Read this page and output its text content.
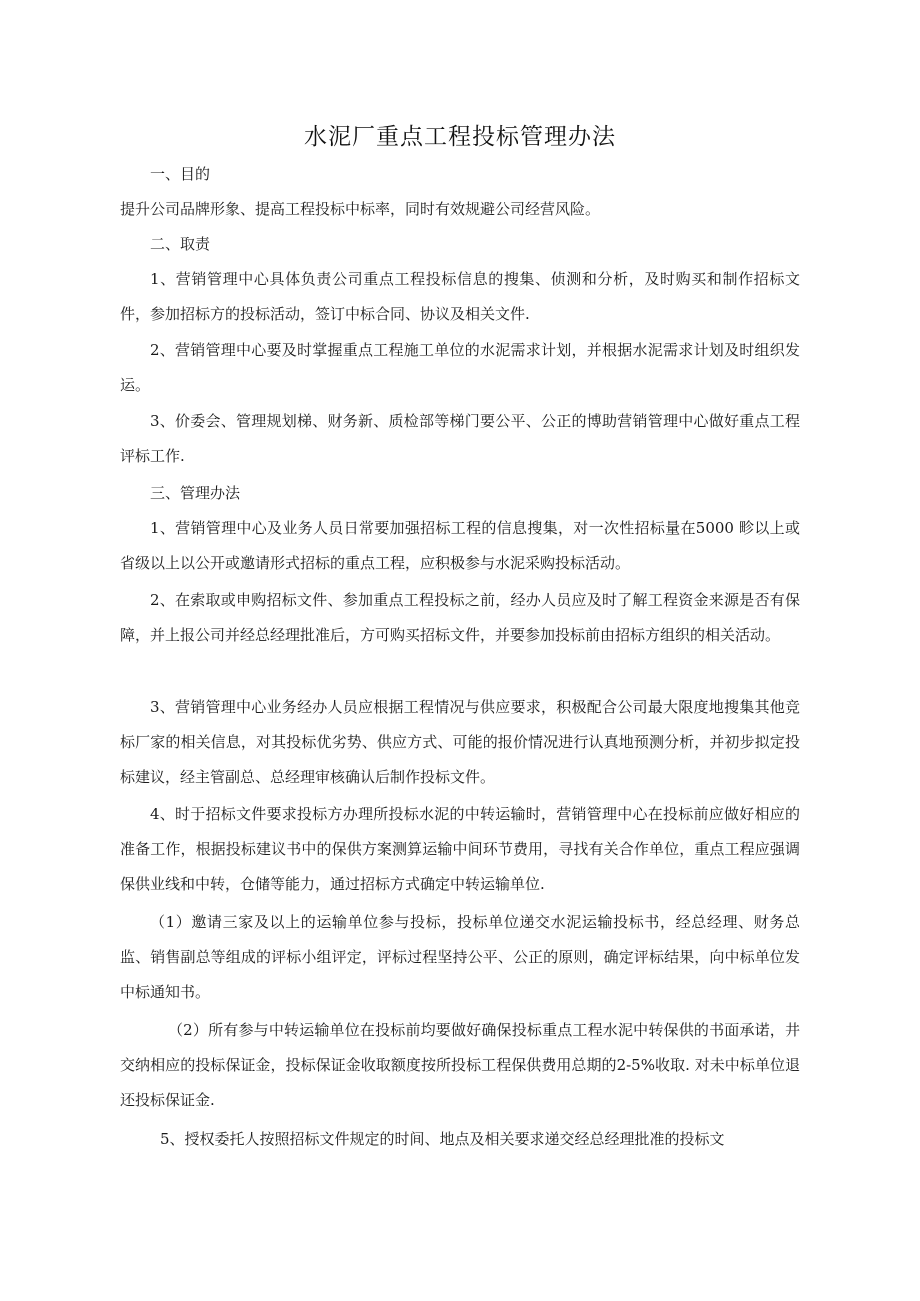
水泥厂重点工程投标管理办法
一、目的

提升公司品牌形象、提高工程投标中标率，同时有效规避公司经营风险。

二、取责

1、营销管理中心具体负责公司重点工程投标信息的搜集、侦测和分析，及时购买和制作招标文件，参加招标方的投标活动，签订中标合同、协议及相关文件.

2、营销管理中心要及时掌握重点工程施工单位的水泥需求计划，并根据水泥需求计划及时组织发运。

3、价委会、管理规划梯、财务新、质检部等梯门要公平、公正的博助营销管理中心做好重点工程评标工作.

三、管理办法

1、营销管理中心及业务人员日常要加强招标工程的信息搜集，对一次性招标量在5000 畛以上或省级以上以公开或邀请形式招标的重点工程，应积极参与水泥采购投标活动。

2、在索取或申购招标文件、参加重点工程投标之前，经办人员应及时了解工程资金来源是否有保障，并上报公司并经总经理批准后，方可购买招标文件，并要参加投标前由招标方组织的相关活动。

3、营销管理中心业务经办人员应根据工程情况与供应要求，积极配合公司最大限度地搜集其他竞标厂家的相关信息，对其投标优劣势、供应方式、可能的报价情况进行认真地预测分析，并初步拟定投标建议，经主管副总、总经理审核确认后制作投标文件。

4、时于招标文件要求投标方办理所投标水泥的中转运输时，营销管理中心在投标前应做好相应的准备工作，根据投标建议书中的保供方案测算运输中间环节费用，寻找有关合作单位，重点工程应强调保供业线和中转，仓储等能力，通过招标方式确定中转运输单位.

（1）邀请三家及以上的运输单位参与投标，投标单位递交水泥运输投标书，经总经理、财务总监、销售副总等组成的评标小组评定，评标过程坚持公平、公正的原则，确定评标结果，向中标单位发中标通知书。

（2）所有参与中转运输单位在投标前均要做好确保投标重点工程水泥中转保供的书面承诺，井交纳相应的投标保证金，投标保证金收取额度按所投标工程保供费用总期的2-5%收取. 对未中标单位退还投标保证金.

5、授权委托人按照招标文件规定的时间、地点及相关要求递交经总经理批准的投标文
